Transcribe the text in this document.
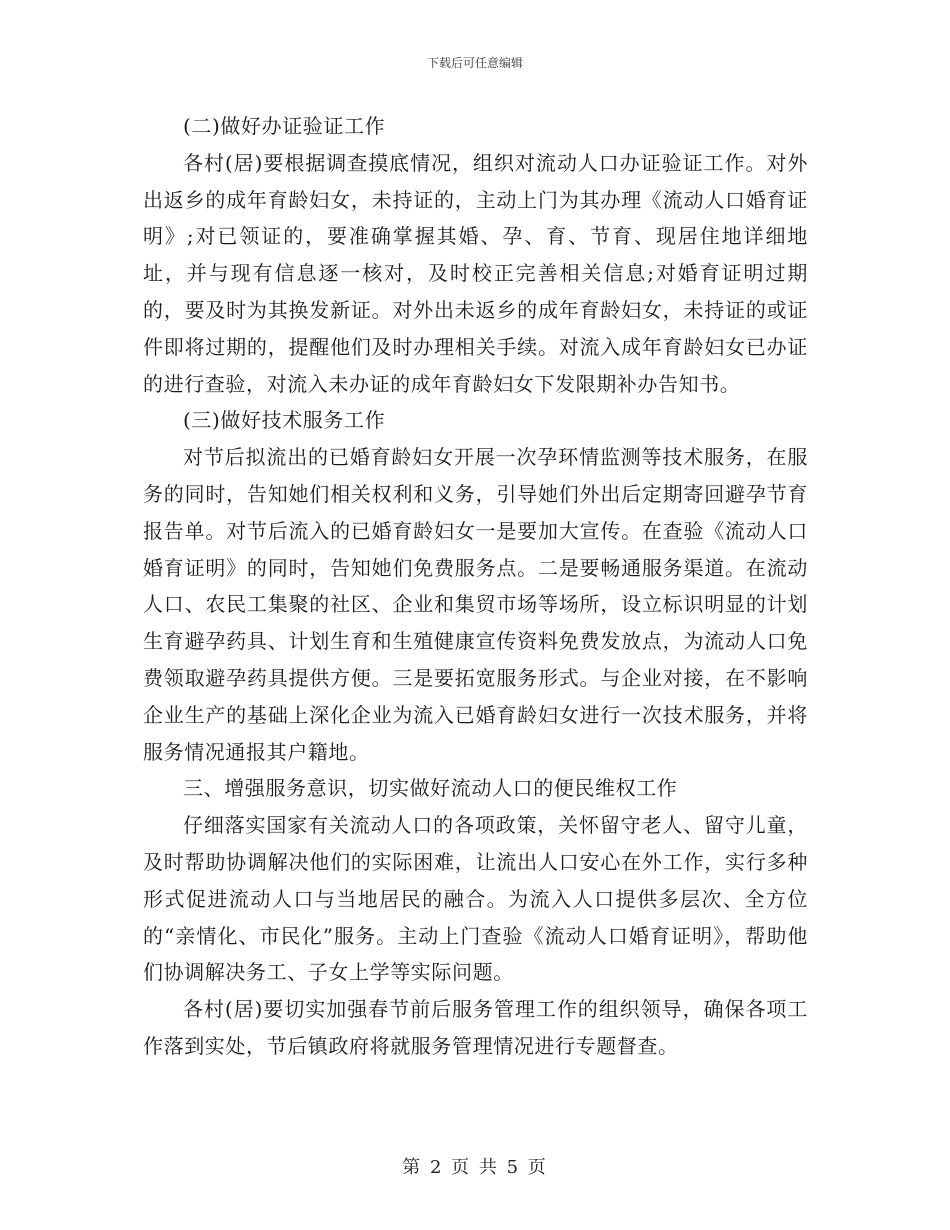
下载后可任意编辑

(二)做好办证验证工作

各村(居)要根据调查摸底情况，组织对流动人口办证验证工作。对外出返乡的成年育龄妇女，未持证的，主动上门为其办理《流动人口婚育证明》;对已领证的，要准确掌握其婚、孕、育、节育、现居住地详细地址，并与现有信息逐一核对，及时校正完善相关信息;对婚育证明过期的，要及时为其换发新证。对外出未返乡的成年育龄妇女，未持证的或证件即将过期的，提醒他们及时办理相关手续。对流入成年育龄妇女已办证的进行查验，对流入未办证的成年育龄妇女下发限期补办告知书。

(三)做好技术服务工作

对节后拟流出的已婚育龄妇女开展一次孕环情监测等技术服务，在服务的同时，告知她们相关权利和义务，引导她们外出后定期寄回避孕节育报告单。对节后流入的已婚育龄妇女一是要加大宣传。在查验《流动人口婚育证明》的同时，告知她们免费服务点。二是要畅通服务渠道。在流动人口、农民工集聚的社区、企业和集贸市场等场所，设立标识明显的计划生育避孕药具、计划生育和生殖健康宣传资料免费发放点，为流动人口免费领取避孕药具提供方便。三是要拓宽服务形式。与企业对接，在不影响企业生产的基础上深化企业为流入已婚育龄妇女进行一次技术服务，并将服务情况通报其户籍地。

三、增强服务意识，切实做好流动人口的便民维权工作

仔细落实国家有关流动人口的各项政策，关怀留守老人、留守儿童，及时帮助协调解决他们的实际困难，让流出人口安心在外工作，实行多种形式促进流动人口与当地居民的融合。为流入人口提供多层次、全方位的“亲情化、市民化”服务。主动上门查验《流动人口婚育证明》，帮助他们协调解决务工、子女上学等实际问题。

各村(居)要切实加强春节前后服务管理工作的组织领导，确保各项工作落到实处，节后镇政府将就服务管理情况进行专题督查。

第 2 页 共 5 页
